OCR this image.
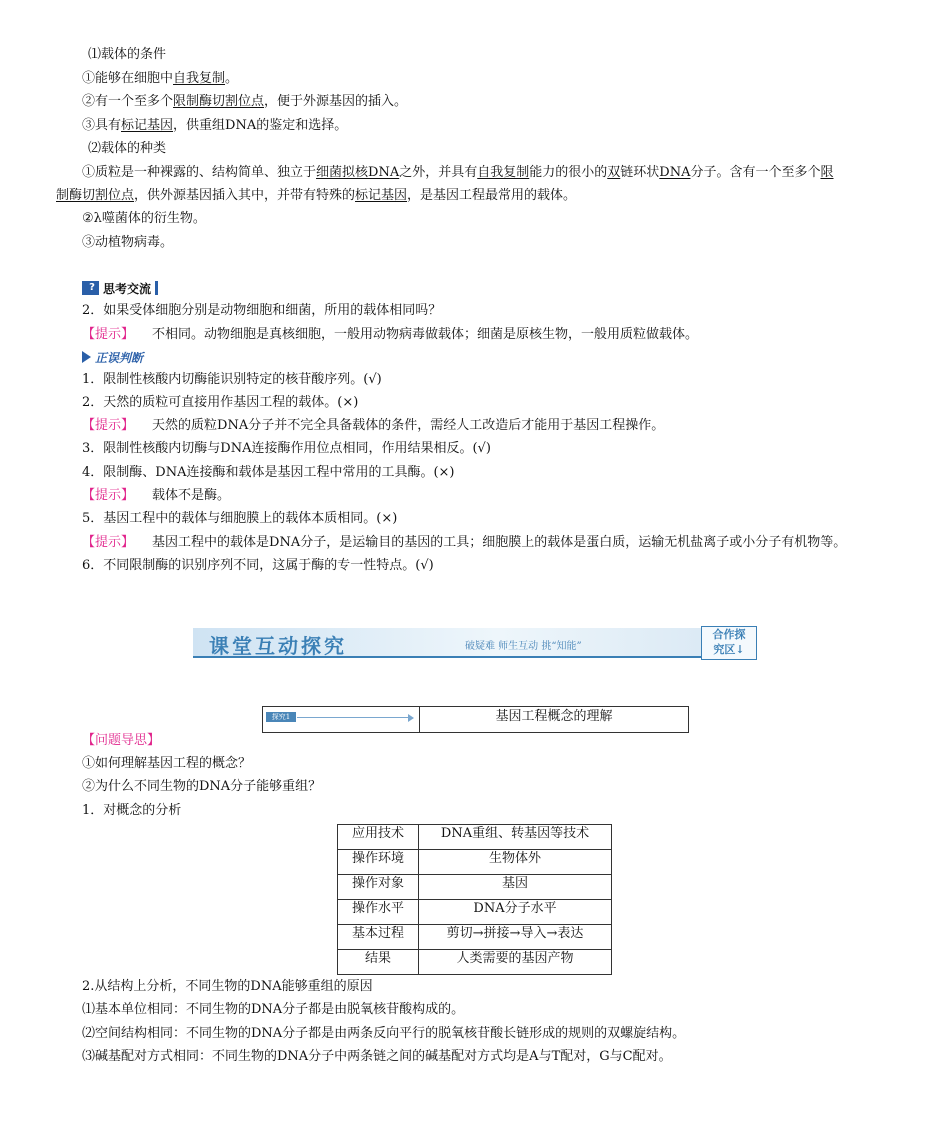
⑴载体的条件
①能够在细胞中自我复制。
②有一个至多个限制酶切割位点，便于外源基因的插入。
③具有标记基因，供重组DNA的鉴定和选择。
⑵载体的种类
①质粒是一种裸露的、结构简单、独立于细菌拟核DNA之外，并具有自我复制能力的很小的双链环状DNA分子。含有一个至多个限
制酶切割位点，供外源基因插入其中，并带有特殊的标记基因，是基因工程最常用的载体。
②λ噬菌体的衍生物。
③动植物病毒。
? 思考交流
2．如果受体细胞分别是动物细胞和细菌，所用的载体相同吗？
【提示】 不相同。动物细胞是真核细胞，一般用动物病毒做载体；细菌是原核生物，一般用质粒做载体。
正误判断
1．限制性核酸内切酶能识别特定的核苷酸序列。(√)
2．天然的质粒可直接用作基因工程的载体。(×)
【提示】 天然的质粒DNA分子并不完全具备载体的条件，需经人工改造后才能用于基因工程操作。
3．限制性核酸内切酶与DNA连接酶作用位点相同，作用结果相反。(√)
4．限制酶、DNA连接酶和载体是基因工程中常用的工具酶。(×)
【提示】 载体不是酶。
5．基因工程中的载体与细胞膜上的载体本质相同。(×)
【提示】 基因工程中的载体是DNA分子，是运输目的基因的工具；细胞膜上的载体是蛋白质，运输无机盐离子或小分子有机物等。
6．不同限制酶的识别序列不同，这属于酶的专一性特点。(√)
课堂互动探究	破疑难 师生互动 挑“知能”
合作探
究区↓
探究1	基因工程概念的理解
【问题导思】
①如何理解基因工程的概念？
②为什么不同生物的DNA分子能够重组？
1．对概念的分析
应用技术	DNA重组、转基因等技术
操作环境	生物体外
操作对象	基因
操作水平	DNA分子水平
基本过程	剪切→拼接→导入→表达
结果	人类需要的基因产物
2.从结构上分析，不同生物的DNA能够重组的原因
⑴基本单位相同：不同生物的DNA分子都是由脱氧核苷酸构成的。
⑵空间结构相同：不同生物的DNA分子都是由两条反向平行的脱氧核苷酸长链形成的规则的双螺旋结构。
⑶碱基配对方式相同：不同生物的DNA分子中两条链之间的碱基配对方式均是A与T配对，G与C配对。
